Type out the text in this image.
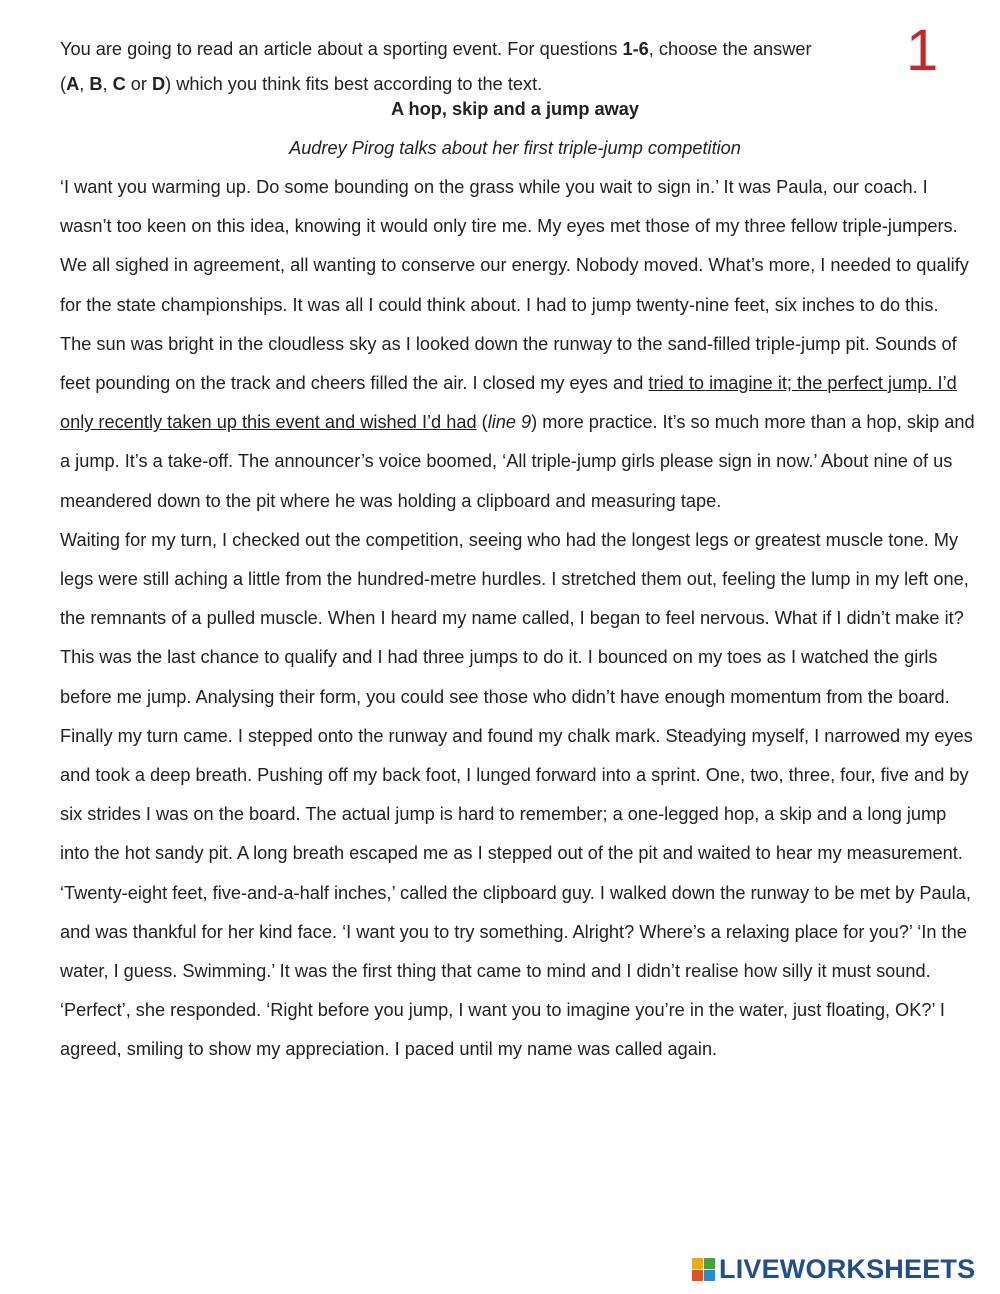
1

You are going to read an article about a sporting event. For questions 1-6, choose the answer
(A, B, C or D) which you think fits best according to the text.

A hop, skip and a jump away

Audrey Pirog talks about her first triple-jump competition

‘I want you warming up. Do some bounding on the grass while you wait to sign in.’ It was Paula, our coach. I wasn’t too keen on this idea, knowing it would only tire me. My eyes met those of my three fellow triple-jumpers. We all sighed in agreement, all wanting to conserve our energy. Nobody moved. What’s more, I needed to qualify for the state championships. It was all I could think about. I had to jump twenty-nine feet, six inches to do this.

The sun was bright in the cloudless sky as I looked down the runway to the sand-filled triple-jump pit. Sounds of feet pounding on the track and cheers filled the air. I closed my eyes and tried to imagine it; the perfect jump. I’d only recently taken up this event and wished I’d had (line 9) more practice. It’s so much more than a hop, skip and a jump. It’s a take-off. The announcer’s voice boomed, ‘All triple-jump girls please sign in now.’ About nine of us meandered down to the pit where he was holding a clipboard and measuring tape.

Waiting for my turn, I checked out the competition, seeing who had the longest legs or greatest muscle tone. My legs were still aching a little from the hundred-metre hurdles. I stretched them out, feeling the lump in my left one, the remnants of a pulled muscle. When I heard my name called, I began to feel nervous. What if I didn’t make it? This was the last chance to qualify and I had three jumps to do it. I bounced on my toes as I watched the girls before me jump. Analysing their form, you could see those who didn’t have enough momentum from the board.

Finally my turn came. I stepped onto the runway and found my chalk mark. Steadying myself, I narrowed my eyes and took a deep breath. Pushing off my back foot, I lunged forward into a sprint. One, two, three, four, five and by six strides I was on the board. The actual jump is hard to remember; a one-legged hop, a skip and a long jump into the hot sandy pit. A long breath escaped me as I stepped out of the pit and waited to hear my measurement. ‘Twenty-eight feet, five-and-a-half inches,’ called the clipboard guy. I walked down the runway to be met by Paula, and was thankful for her kind face. ‘I want you to try something. Alright? Where’s a relaxing place for you?’ ‘In the water, I guess. Swimming.’ It was the first thing that came to mind and I didn’t realise how silly it must sound. ‘Perfect’, she responded. ‘Right before you jump, I want you to imagine you’re in the water, just floating, OK?’ I agreed, smiling to show my appreciation. I paced until my name was called again.

LIVEWORKSHEETS
